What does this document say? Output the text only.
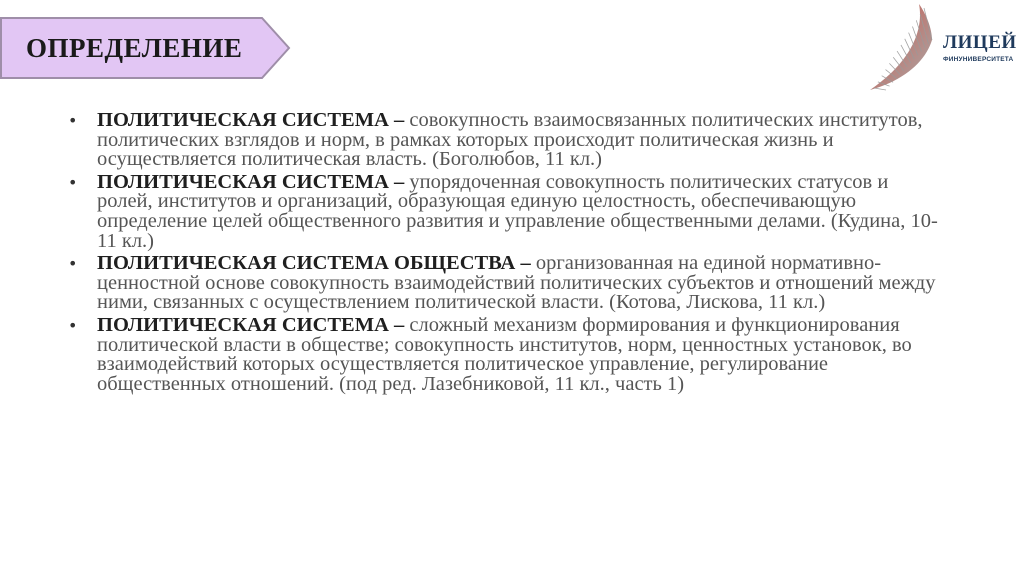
ОПРЕДЕЛЕНИЕ	ЛИЦЕЙ
ФИНУНИВЕРСИТЕТА
• ПОЛИТИЧЕСКАЯ СИСТЕМА – совокупность взаимосвязанных политических институтов, политических взглядов и норм, в рамках которых происходит политическая жизнь и осуществляется политическая власть. (Боголюбов, 11 кл.)
• ПОЛИТИЧЕСКАЯ СИСТЕМА – упорядоченная совокупность политических статусов и ролей, институтов и организаций, образующая единую целостность, обеспечивающую определение целей общественного развития и управление общественными делами. (Кудина, 10-11 кл.)
• ПОЛИТИЧЕСКАЯ СИСТЕМА ОБЩЕСТВА – организованная на единой нормативно-ценностной основе совокупность взаимодействий политических субъектов и отношений между ними, связанных с осуществлением политической власти. (Котова, Лискова, 11 кл.)
• ПОЛИТИЧЕСКАЯ СИСТЕМА – сложный механизм формирования и функционирования политической власти в обществе; совокупность институтов, норм, ценностных установок, во взаимодействий которых осуществляется политическое управление, регулирование общественных отношений. (под ред. Лазебниковой, 11 кл., часть 1)
